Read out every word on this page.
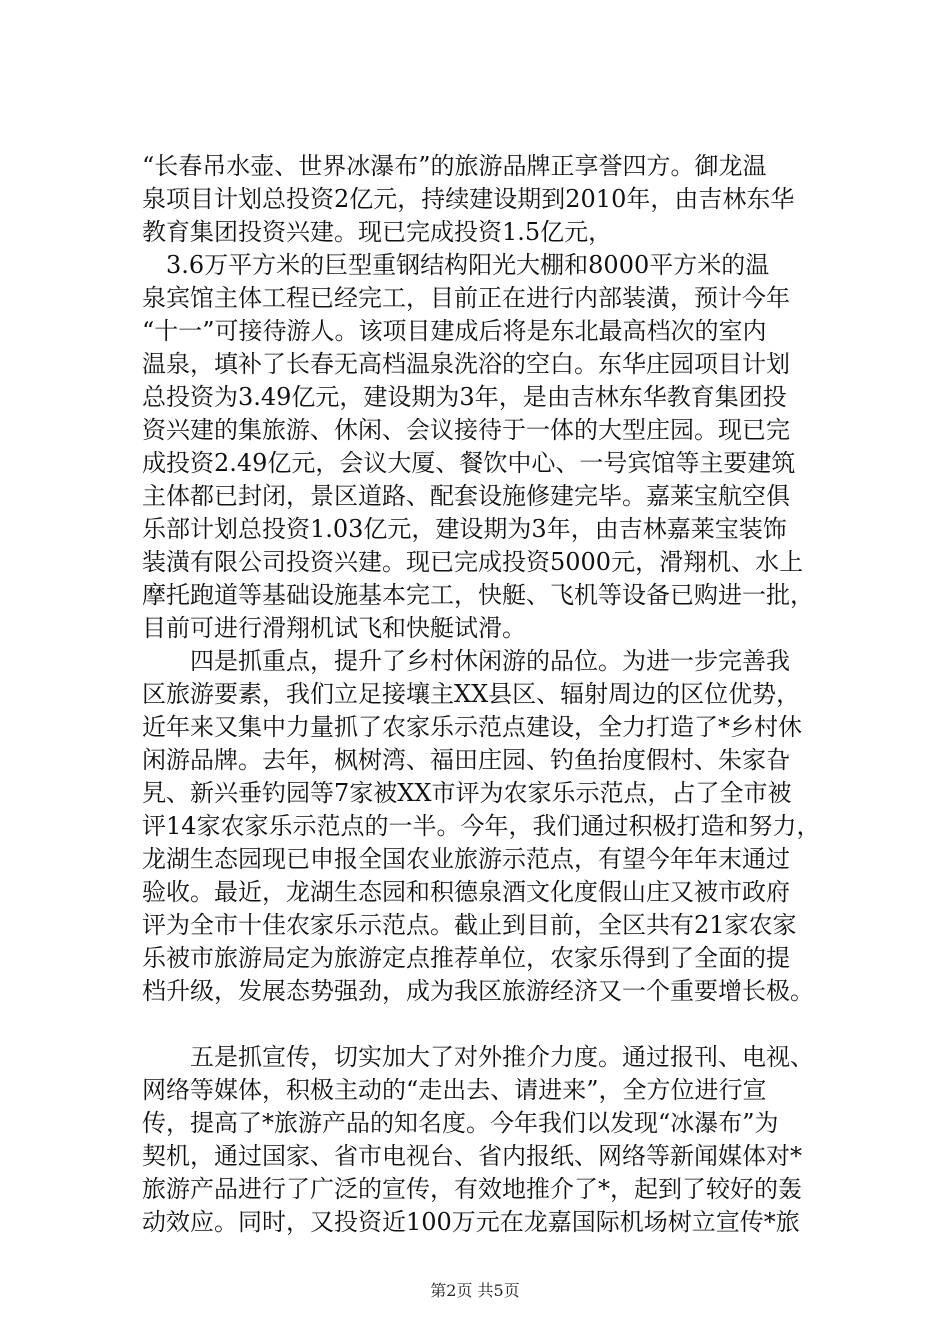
“长春吊水壶、世界冰瀑布”的旅游品牌正享誉四方。御龙温
泉项目计划总投资2亿元，持续建设期到2010年，由吉林东华
教育集团投资兴建。现已完成投资1.5亿元，
　3.6万平方米的巨型重钢结构阳光大棚和8000平方米的温
泉宾馆主体工程已经完工，目前正在进行内部装潢，预计今年
“十一”可接待游人。该项目建成后将是东北最高档次的室内
温泉，填补了长春无高档温泉洗浴的空白。东华庄园项目计划
总投资为3.49亿元，建设期为3年，是由吉林东华教育集团投
资兴建的集旅游、休闲、会议接待于一体的大型庄园。现已完
成投资2.49亿元，会议大厦、餐饮中心、一号宾馆等主要建筑
主体都已封闭，景区道路、配套设施修建完毕。嘉莱宝航空俱
乐部计划总投资1.03亿元，建设期为3年，由吉林嘉莱宝装饰
装潢有限公司投资兴建。现已完成投资5000元，滑翔机、水上
摩托跑道等基础设施基本完工，快艇、飞机等设备已购进一批，
目前可进行滑翔机试飞和快艇试滑。
　　四是抓重点，提升了乡村休闲游的品位。为进一步完善我
区旅游要素，我们立足接壤主XX县区、辐射周边的区位优势，
近年来又集中力量抓了农家乐示范点建设，全力打造了*乡村休
闲游品牌。去年，枫树湾、福田庄园、钓鱼抬度假村、朱家旮
旯、新兴垂钓园等7家被XX市评为农家乐示范点，占了全市被
评14家农家乐示范点的一半。今年，我们通过积极打造和努力，
龙湖生态园现已申报全国农业旅游示范点，有望今年年末通过
验收。最近，龙湖生态园和积德泉酒文化度假山庄又被市政府
评为全市十佳农家乐示范点。截止到目前，全区共有21家农家
乐被市旅游局定为旅游定点推荐单位，农家乐得到了全面的提
档升级，发展态势强劲，成为我区旅游经济又一个重要增长极。
　　五是抓宣传，切实加大了对外推介力度。通过报刊、电视、
网络等媒体，积极主动的“走出去、请进来”，全方位进行宣
传，提高了*旅游产品的知名度。今年我们以发现“冰瀑布”为
契机，通过国家、省市电视台、省内报纸、网络等新闻媒体对*
旅游产品进行了广泛的宣传，有效地推介了*，起到了较好的轰
动效应。同时，又投资近100万元在龙嘉国际机场树立宣传*旅
第2页 共5页
